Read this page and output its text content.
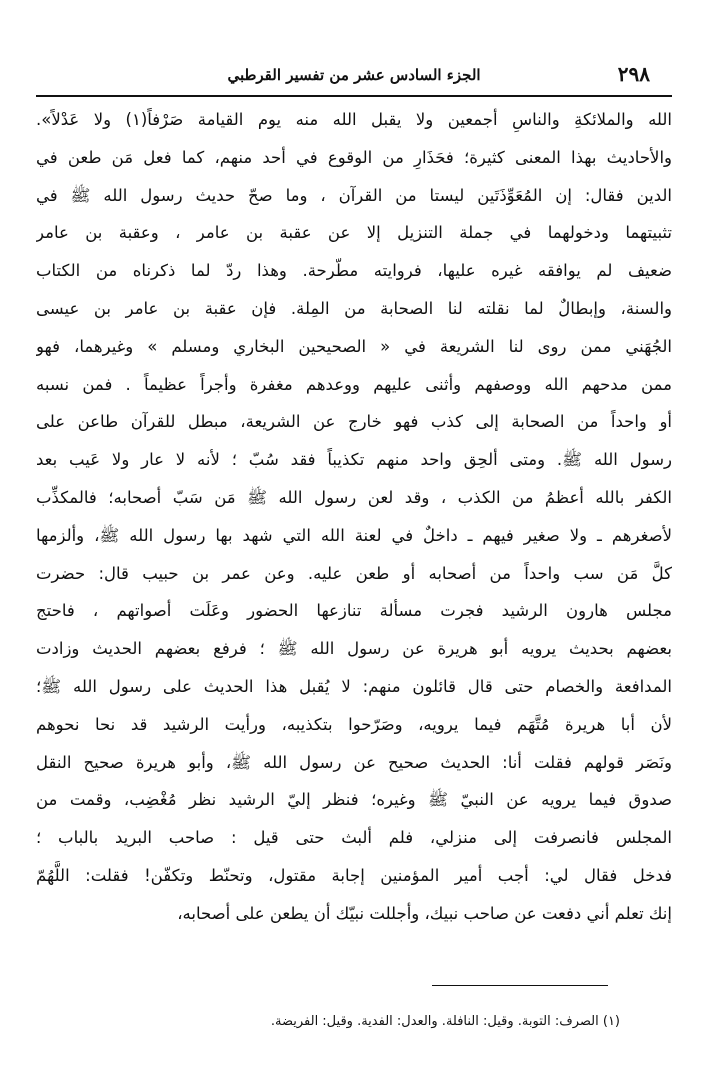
٢٩٨
الجزء السادس عشر من تفسير القرطبي
الله والملائكةِ والناسِ أجمعين ولا يقبل الله منه يوم القيامة صَرْفاً(١) ولا عَدْلاً».
والأحاديث بهذا المعنى كثيرة؛ فحَذَارِ من الوقوع في أحد منهم، كما فعل مَن طعن في
الدين فقال: إن المُعَوِّذَتَين ليستا من القرآن ، وما صحّ حديث رسول الله ﷺ في
تثبيتهما ودخولهما في جملة التنزيل إلا عن عقبة بن عامر ، وعقبة بن عامر
ضعيف لم يوافقه غيره عليها، فروايته مطّرحة. وهذا ردّ لما ذكرناه من الكتاب
والسنة، وإبطالٌ لما نقلته لنا الصحابة من المِلة. فإن عقبة بن عامر بن عيسى
الجُهَني ممن روى لنا الشريعة في « الصحيحين البخاري ومسلم » وغيرهما، فهو
ممن مدحهم الله ووصفهم وأثنى عليهم ووعدهم مغفرة وأجراً عظيماً . فمن نسبه
أو واحداً من الصحابة إلى كذب فهو خارج عن الشريعة، مبطل للقرآن طاعن على
رسول الله ﷺ. ومتى ألحِق واحد منهم تكذيباً فقد سُبّ ؛ لأنه لا عار ولا عَيب بعد
الكفر بالله أعظمُ من الكذب ، وقد لعن رسول الله ﷺ مَن سَبّ أصحابه؛ فالمكذِّب
لأصغرهم ـ ولا صغير فيهم ـ داخلٌ في لعنة الله التي شهد بها رسول الله ﷺ، وألزمها
كلَّ مَن سب واحداً من أصحابه أو طعن عليه. وعن عمر بن حبيب قال: حضرت
مجلس هارون الرشيد فجرت مسألة تنازعها الحضور وعَلَت أصواتهم ، فاحتج
بعضهم بحديث يرويه أبو هريرة عن رسول الله ﷺ ؛ فرفع بعضهم الحديث وزادت
المدافعة والخصام حتى قال قائلون منهم: لا يُقبل هذا الحديث على رسول الله ﷺ؛
لأن أبا هريرة مُتَّهَم فيما يرويه، وصَرّحوا بتكذيبه، ورأيت الرشيد قد نحا نحوهم
ونَصَر قولهم فقلت أنا: الحديث صحيح عن رسول الله ﷺ، وأبو هريرة صحيح النقل
صدوق فيما يرويه عن النبيّ ﷺ وغيره؛ فنظر إليّ الرشيد نظر مُغْضِب، وقمت من
المجلس فانصرفت إلى منزلي، فلم ألبث حتى قيل : صاحب البريد بالباب ؛
فدخل فقال لي: أجب أمير المؤمنين إجابة مقتول، وتحنّط وتكفّن! فقلت: اللَّهُمّ
إنك تعلم أني دفعت عن صاحب نبيك، وأجللت نبيّك أن يطعن على أصحابه،
(١) الصرف: التوبة. وقيل: النافلة. والعدل: الفدية. وقيل: الفريضة.
